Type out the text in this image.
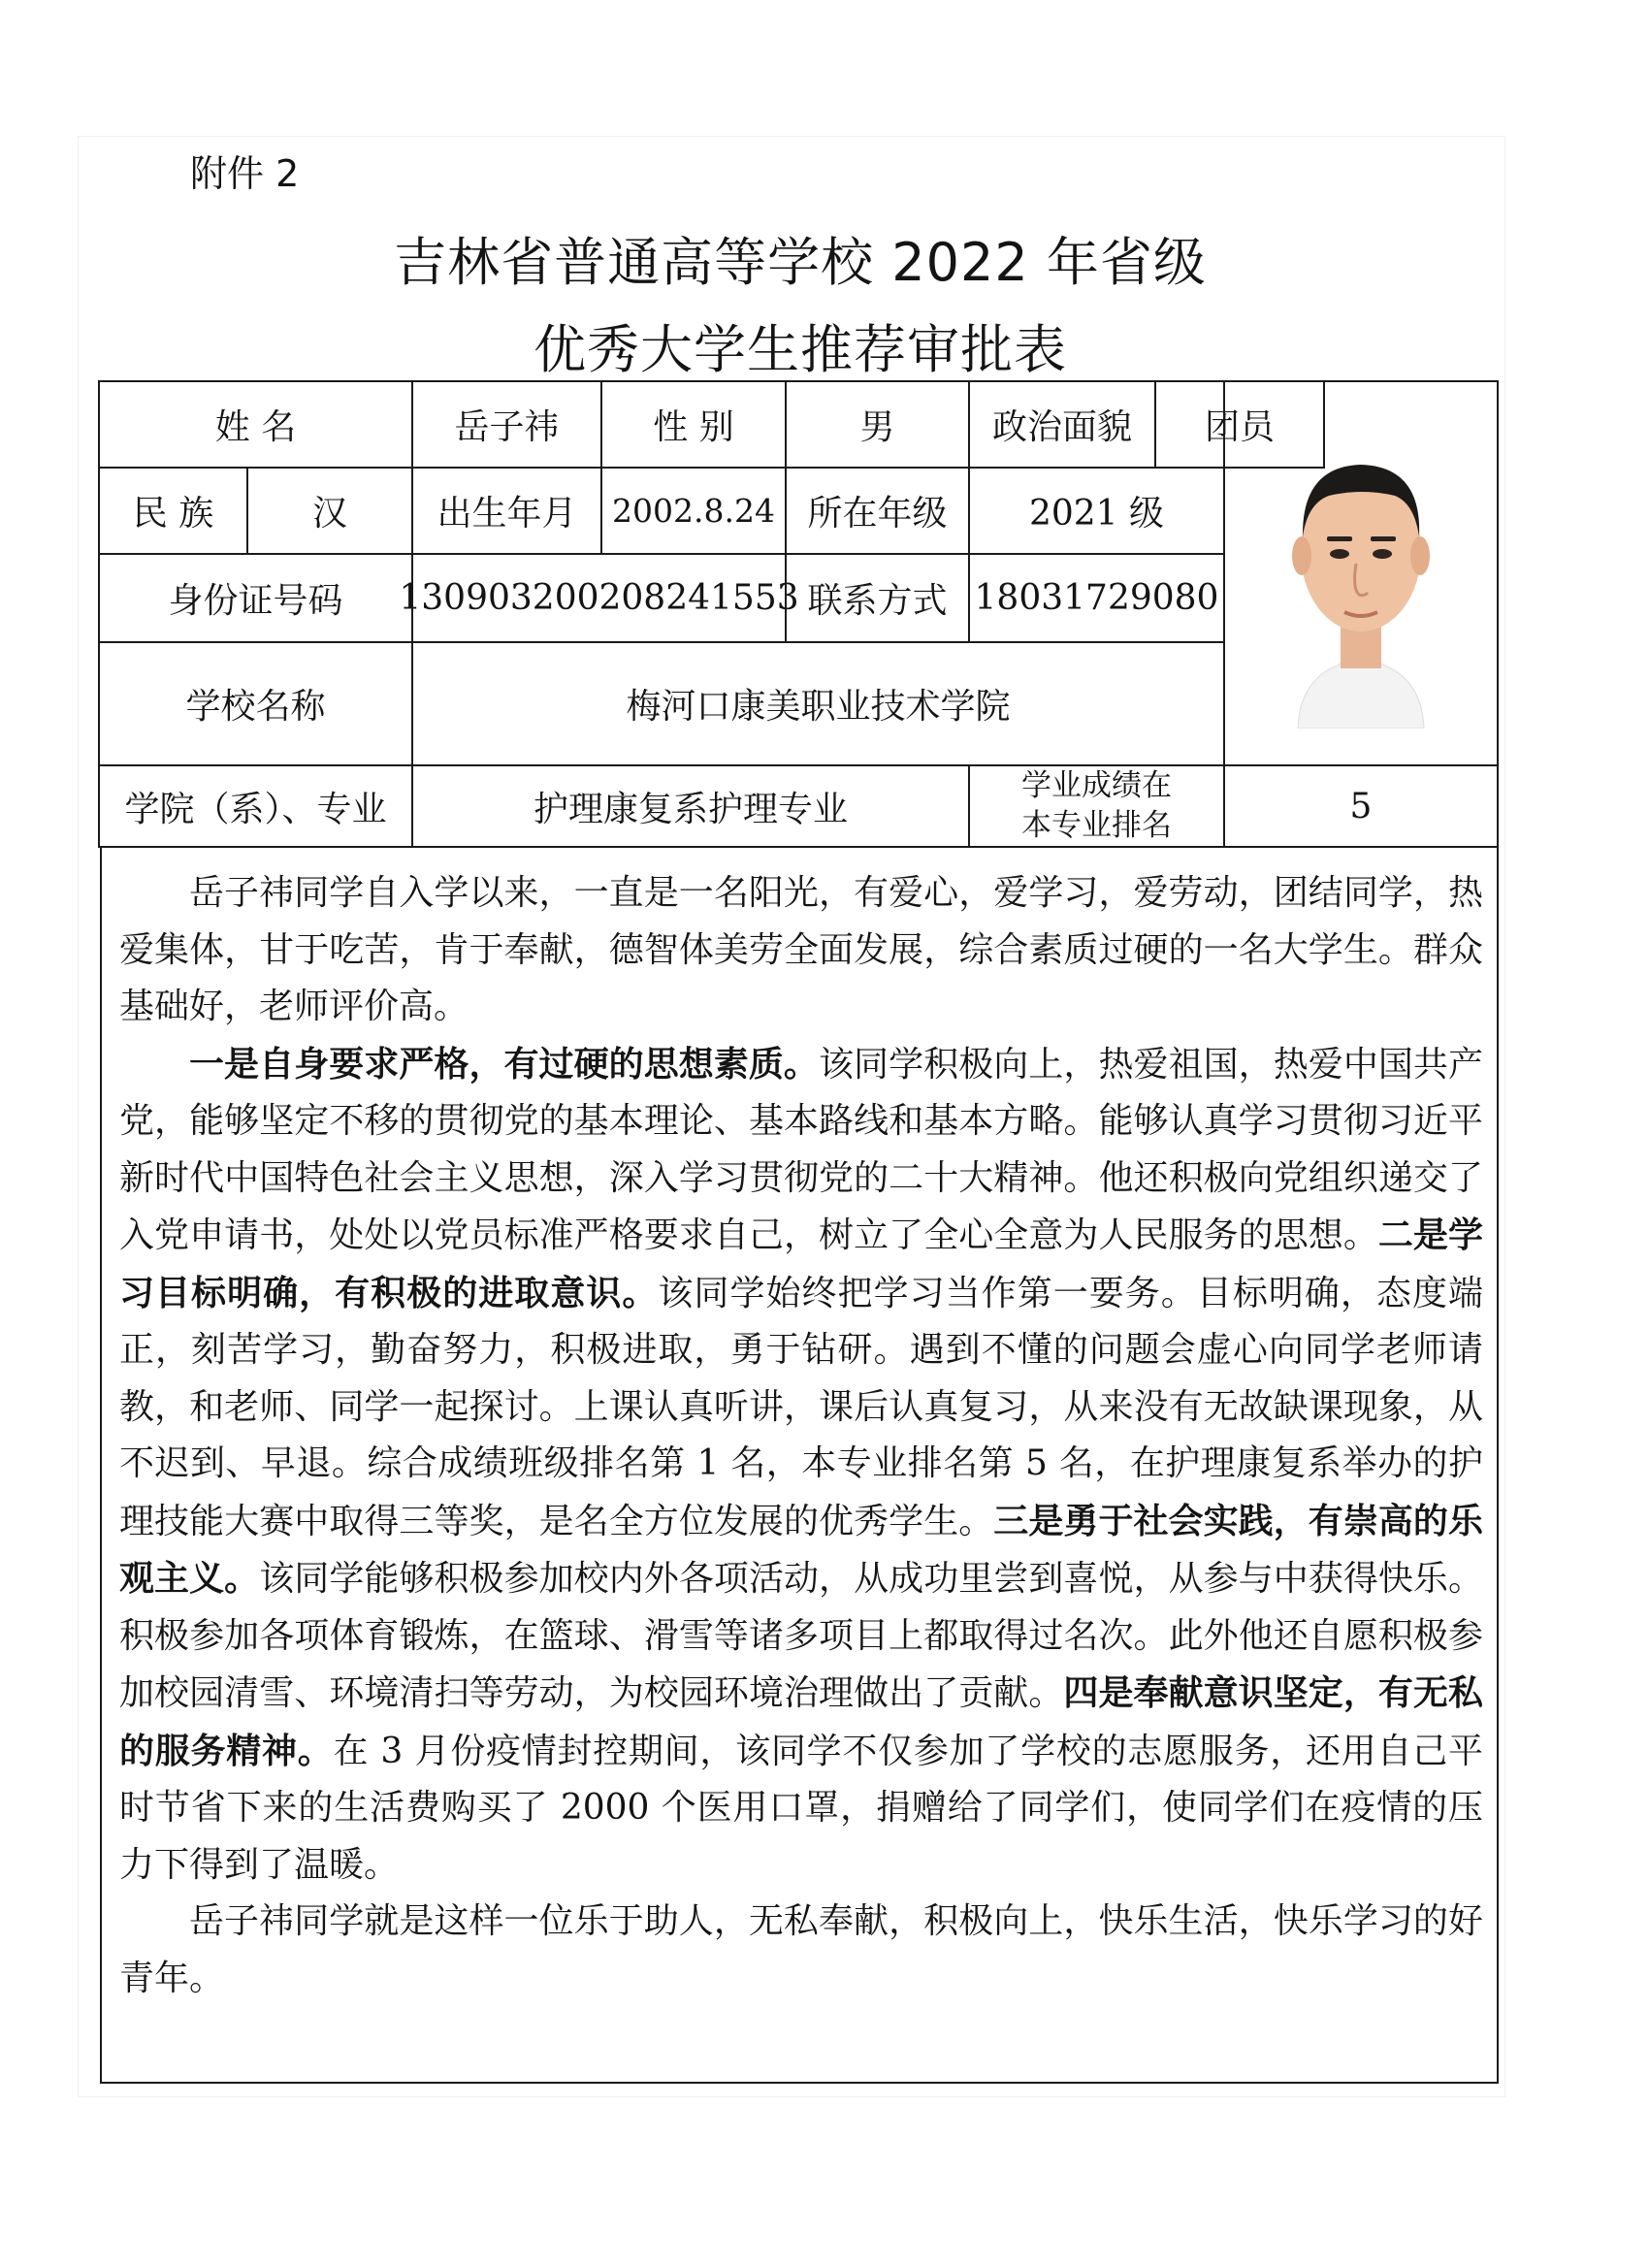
附件 2
吉林省普通高等学校 2022 年省级
优秀大学生推荐审批表
姓 名	岳子祎	性 别	男	政治面貌	团员
民 族	汉	出生年月	2002.8.24 所在年级	2021 级
身份证号码	130903200208241553 联系方式 18031729080
学校名称	梅河口康美职业技术学院
学院（系）、专业	护理康复系护理专业
学业成绩在
本专业排名	5

岳子祎同学自入学以来，一直是一名阳光，有爱心，爱学习，爱劳动，团结同学，热爱集体，甘于吃苦，肯于奉献，德智体美劳全面发展，综合素质过硬的一名大学生。群众基础好，老师评价高。

一是自身要求严格，有过硬的思想素质。该同学积极向上，热爱祖国，热爱中国共产党，能够坚定不移的贯彻党的基本理论、基本路线和基本方略。能够认真学习贯彻习近平新时代中国特色社会主义思想，深入学习贯彻党的二十大精神。他还积极向党组织递交了入党申请书，处处以党员标准严格要求自己，树立了全心全意为人民服务的思想。二是学习目标明确，有积极的进取意识。该同学始终把学习当作第一要务。目标明确，态度端正，刻苦学习，勤奋努力，积极进取，勇于钻研。遇到不懂的问题会虚心向同学老师请教，和老师、同学一起探讨。上课认真听讲，课后认真复习，从来没有无故缺课现象，从不迟到、早退。综合成绩班级排名第 1 名，本专业排名第 5 名，在护理康复系举办的护理技能大赛中取得三等奖，是名全方位发展的优秀学生。三是勇于社会实践，有崇高的乐观主义。该同学能够积极参加校内外各项活动，从成功里尝到喜悦，从参与中获得快乐。积极参加各项体育锻炼，在篮球、滑雪等诸多项目上都取得过名次。此外他还自愿积极参加校园清雪、环境清扫等劳动，为校园环境治理做出了贡献。四是奉献意识坚定，有无私的服务精神。在 3 月份疫情封控期间，该同学不仅参加了学校的志愿服务，还用自己平时节省下来的生活费购买了 2000 个医用口罩，捐赠给了同学们，使同学们在疫情的压力下得到了温暖。

岳子祎同学就是这样一位乐于助人，无私奉献，积极向上，快乐生活，快乐学习的好青年。
